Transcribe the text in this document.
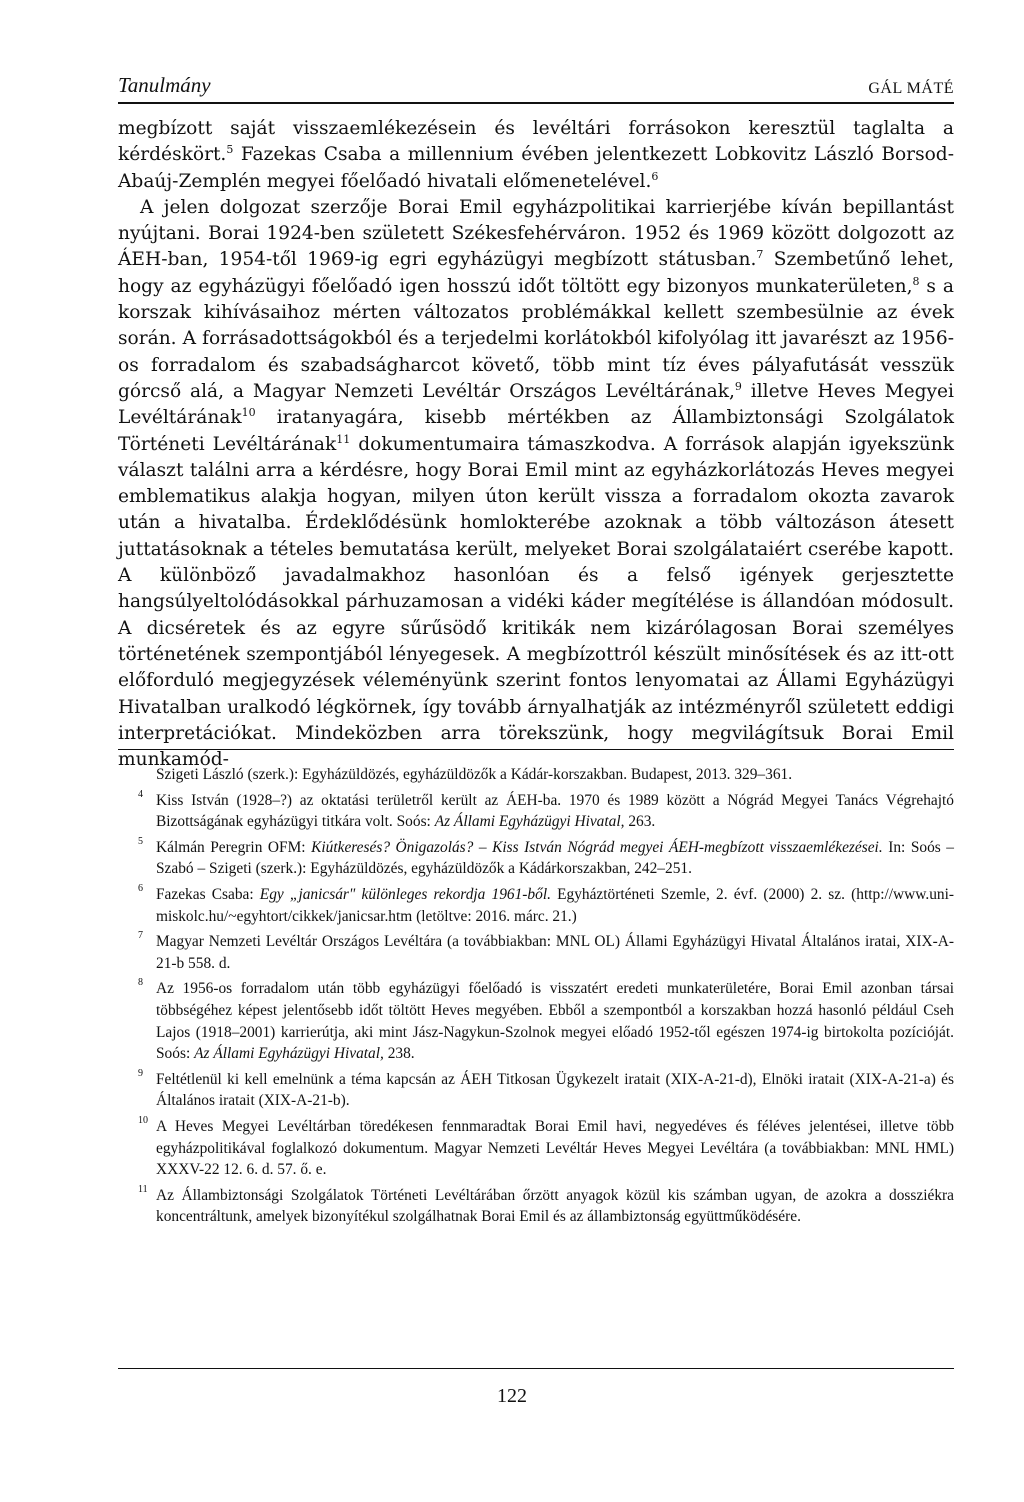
Tanulmány	GÁL MÁTÉ

megbízott saját visszaemlékezésein és levéltári forrásokon keresztül taglalta a kérdéskört.$^5$ Fazekas Csaba a millennium évében jelentkezett Lobkovitz László Borsod-Abaúj-Zemplén megyei főelőadó hivatali előmenetelével.$^6$

A jelen dolgozat szerzője Borai Emil egyházpolitikai karrierjébe kíván bepillantást nyújtani. Borai 1924-ben született Székesfehérváron. 1952 és 1969 között dolgozott az ÁEH-ban, 1954-től 1969-ig egri egyházügyi megbízott státusban.$^7$ Szembetűnő lehet, hogy az egyházügyi főelőadó igen hosszú időt töltött egy bizonyos munkaterületen,$^8$ s a korszak kihívásaihoz mérten változatos problémákkal kellett szembesülnie az évek során. A forrásadottságokból és a terjedelmi korlátokból kifolyólag itt javarészt az 1956-os forradalom és szabadságharcot követő, több mint tíz éves pályafutását vesszük górcső alá, a Magyar Nemzeti Levéltár Országos Levéltárának,$^9$ illetve Heves Megyei Levéltárának$^{10}$ iratanyagára, kisebb mértékben az Állambiztonsági Szolgálatok Történeti Levéltárának$^{11}$ dokumentumaira támaszkodva. A források alapján igyekszünk választ találni arra a kérdésre, hogy Borai Emil mint az egyházkorlátozás Heves megyei emblematikus alakja hogyan, milyen úton került vissza a forradalom okozta zavarok után a hivatalba. Érdeklődésünk homlokterébe azoknak a több változáson átesett juttatásoknak a tételes bemutatása került, melyeket Borai szolgálataiért cserébe kapott. A különböző javadalmakhoz hasonlóan és a felső igények gerjesztette hangsúlyeltolódásokkal párhuzamosan a vidéki káder megítélése is állandóan módosult. A dicséretek és az egyre sűrűsödő kritikák nem kizárólagosan Borai személyes történetének szempontjából lényegesek. A megbízottról készült minősítések és az itt-ott előforduló megjegyzések véleményünk szerint fontos lenyomatai az Állami Egyházügyi Hivatalban uralkodó légkörnek, így tovább árnyalhatják az intézményről született eddigi interpretációkat. Mindeközben arra törekszünk, hogy megvilágítsuk Borai Emil munkamód-

Szigeti László (szerk.): Egyházüldözés, egyházüldözők a Kádár-korszakban. Budapest, 2013. 329–361.
4 Kiss István (1928–?) az oktatási területről került az ÁEH-ba. 1970 és 1989 között a Nógrád Megyei Tanács Végrehajtó Bizottságának egyházügyi titkára volt. Soós: Az Állami Egyházügyi Hivatal, 263.
5 Kálmán Peregrin OFM: Kiútkeresés? Önigazolás? – Kiss István Nógrád megyei ÁEH-megbízott visszaemlékezései. In: Soós – Szabó – Szigeti (szerk.): Egyházüldözés, egyházüldözők a Kádárkorszakban, 242–251.
6 Fazekas Csaba: Egy „janicsár" különleges rekordja 1961-ből. Egyháztörténeti Szemle, 2. évf. (2000) 2. sz. (http://www.uni-miskolc.hu/~egyhtort/cikkek/janicsar.htm (letöltve: 2016. márc. 21.)
7 Magyar Nemzeti Levéltár Országos Levéltára (a továbbiakban: MNL OL) Állami Egyházügyi Hivatal Általános iratai, XIX-A-21-b 558. d.
8 Az 1956-os forradalom után több egyházügyi főelőadó is visszatért eredeti munkaterületére, Borai Emil azonban társai többségéhez képest jelentősebb időt töltött Heves megyében. Ebből a szempontból a korszakban hozzá hasonló például Cseh Lajos (1918–2001) karrierútja, aki mint Jász-Nagykun-Szolnok megyei előadó 1952-től egészen 1974-ig birtokolta pozícióját. Soós: Az Állami Egyházügyi Hivatal, 238.
9 Feltétlenül ki kell emelnünk a téma kapcsán az ÁEH Titkosan Ügykezelt iratait (XIX-A-21-d), Elnöki iratait (XIX-A-21-a) és Általános iratait (XIX-A-21-b).
10 A Heves Megyei Levéltárban töredékesen fennmaradtak Borai Emil havi, negyedéves és féléves jelentései, illetve több egyházpolitikával foglalkozó dokumentum. Magyar Nemzeti Levéltár Heves Megyei Levéltára (a továbbiakban: MNL HML) XXXV-22 12. 6. d. 57. ő. e.
11 Az Állambiztonsági Szolgálatok Történeti Levéltárában őrzött anyagok közül kis számban ugyan, de azokra a dossziékra koncentráltunk, amelyek bizonyítékul szolgálhatnak Borai Emil és az állambiztonság együttműködésére.
122
